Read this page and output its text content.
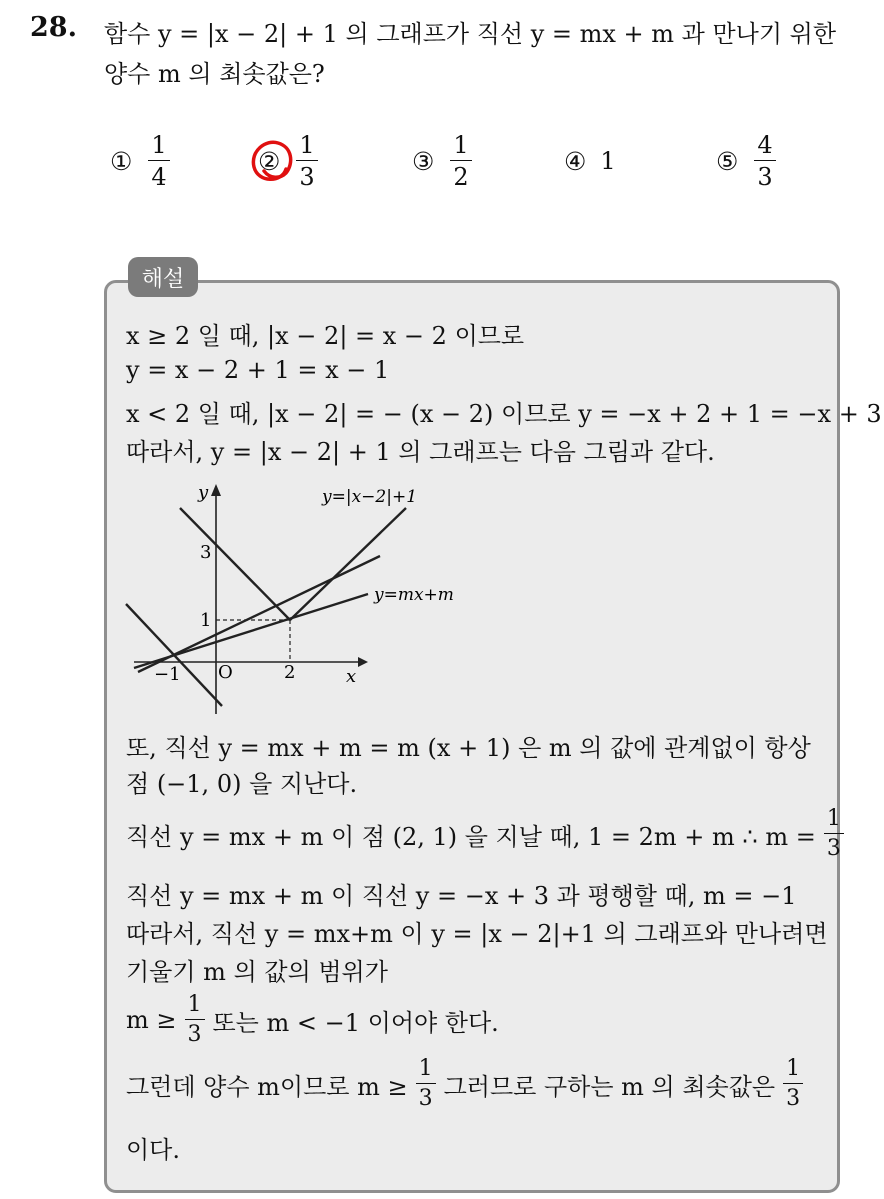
28. 함수 y = |x − 2| + 1 의 그래프가 직선 y = mx + m 과 만나기 위한
양수 m 의 최솟값은?
① $\frac{1}{4}$	② $\frac{1}{3}$	③ $\frac{1}{2}$	④ 1	⑤ $\frac{4}{3}$
해설
x ≥ 2 일 때, |x − 2| = x − 2 이므로
y = x − 2 + 1 = x − 1
x < 2 일 때, |x − 2| = − (x − 2) 이므로 y = −x + 2 + 1 = −x + 3
따라서, y = |x − 2| + 1 의 그래프는 다음 그림과 같다.
y
x
O
3
1
−1	2
y=|x−2|+1
y=mx+m
또, 직선 y = mx + m = m (x + 1) 은 m 의 값에 관계없이 항상
점 (−1, 0) 을 지난다.
직선 y = mx + m 이 점 (2, 1) 을 지날 때, 1 = 2m + m ∴ $m = \frac{1}{3}$
직선 y = mx + m 이 직선 y = −x + 3 과 평행할 때, m = −1
따라서, 직선 y = mx+m 이 y = |x − 2|+1 의 그래프와 만나려면
기울기 m 의 값의 범위가
$m \ge \frac{1}{3}$ 또는 m < −1 이어야 한다.
그런데 양수 m이므로 $m \ge \frac{1}{3}$ 그러므로 구하는 m 의 최솟값은 $\frac{1}{3}$
이다.
